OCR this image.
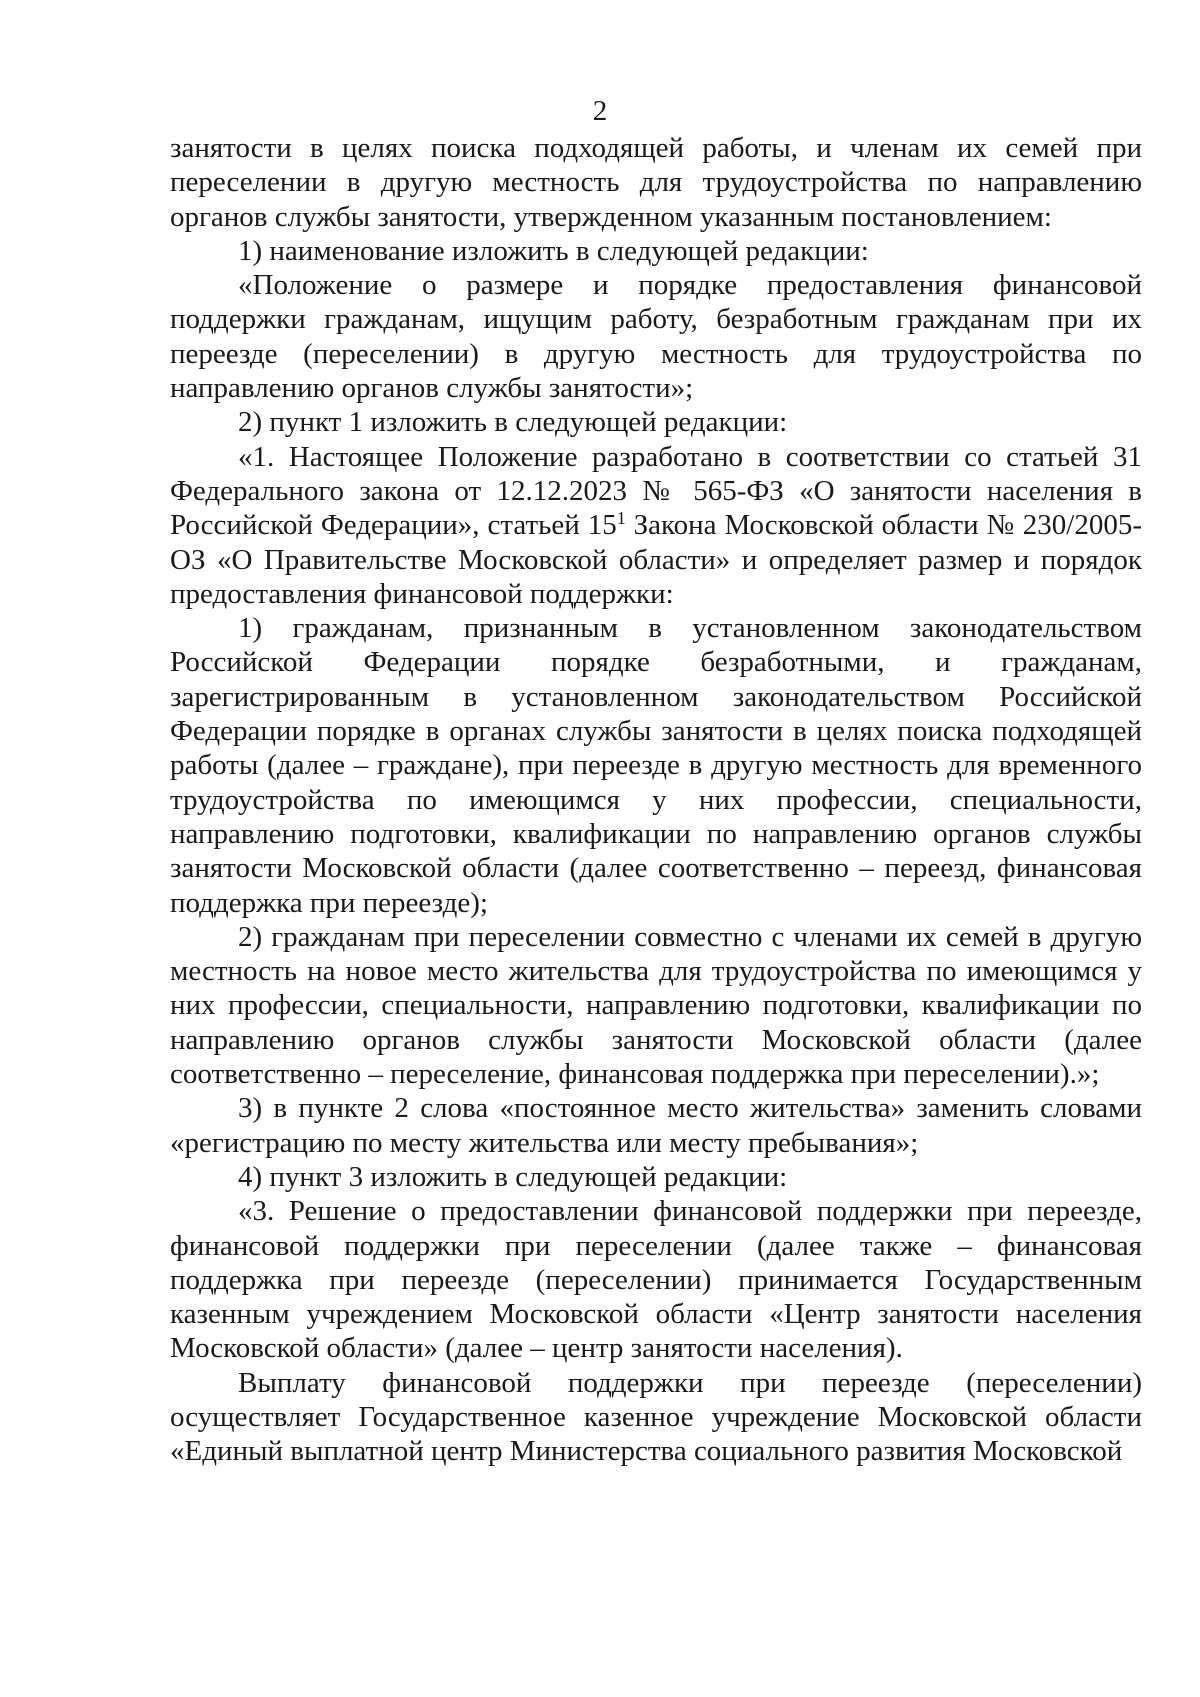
2

занятости в целях поиска подходящей работы, и членам их семей при переселении в другую местность для трудоустройства по направлению органов службы занятости, утвержденном указанным постановлением:

1) наименование изложить в следующей редакции:

«Положение о размере и порядке предоставления финансовой поддержки гражданам, ищущим работу, безработным гражданам при их переезде (переселении) в другую местность для трудоустройства по направлению органов службы занятости»;

2) пункт 1 изложить в следующей редакции:

«1. Настоящее Положение разработано в соответствии со статьей 31 Федерального закона от 12.12.2023 № 565-ФЗ «О занятости населения в Российской Федерации», статьей $15^1$ Закона Московской области № 230/2005-ОЗ «О Правительстве Московской области» и определяет размер и порядок предоставления финансовой поддержки:

1) гражданам, признанным в установленном законодательством Российской Федерации порядке безработными, и гражданам, зарегистрированным в установленном законодательством Российской Федерации порядке в органах службы занятости в целях поиска подходящей работы (далее – граждане), при переезде в другую местность для временного трудоустройства по имеющимся у них профессии, специальности, направлению подготовки, квалификации по направлению органов службы занятости Московской области (далее соответственно – переезд, финансовая поддержка при переезде);

2) гражданам при переселении совместно с членами их семей в другую местность на новое место жительства для трудоустройства по имеющимся у них профессии, специальности, направлению подготовки, квалификации по направлению органов службы занятости Московской области (далее соответственно – переселение, финансовая поддержка при переселении).»;

3) в пункте 2 слова «постоянное место жительства» заменить словами «регистрацию по месту жительства или месту пребывания»;

4) пункт 3 изложить в следующей редакции:

«3. Решение о предоставлении финансовой поддержки при переезде, финансовой поддержки при переселении (далее также – финансовая поддержка при переезде (переселении) принимается Государственным казенным учреждением Московской области «Центр занятости населения Московской области» (далее – центр занятости населения).

Выплату финансовой поддержки при переезде (переселении) осуществляет Государственное казенное учреждение Московской области «Единый выплатной центр Министерства социального развития Московской
